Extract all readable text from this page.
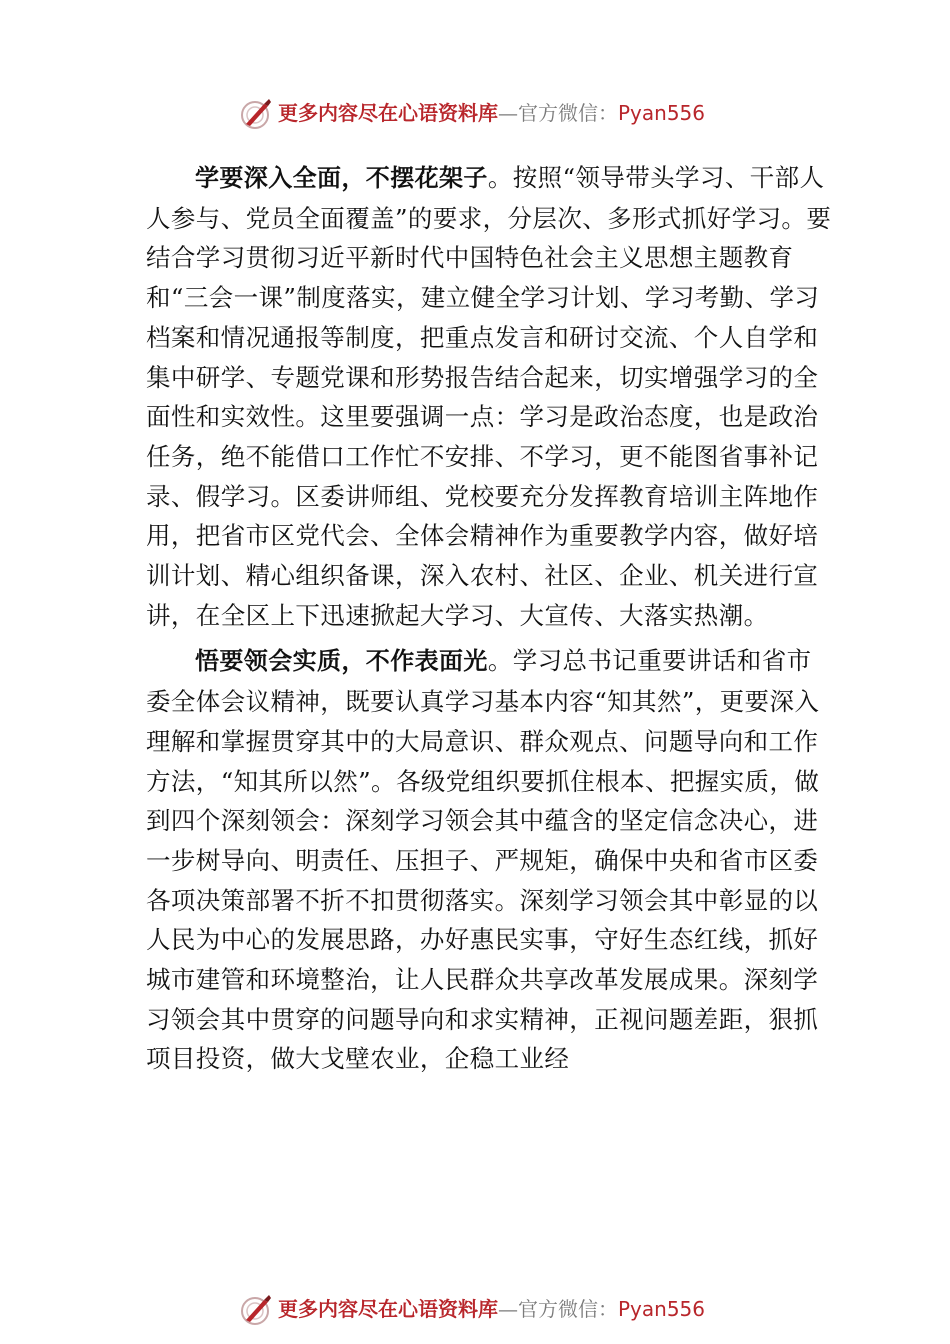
更多内容尽在心语资料库—官方微信：Pyan556

学要深入全面，不摆花架子。按照“领导带头学习、干部人人参与、党员全面覆盖”的要求，分层次、多形式抓好学习。要结合学习贯彻习近平新时代中国特色社会主义思想主题教育和“三会一课”制度落实，建立健全学习计划、学习考勤、学习档案和情况通报等制度，把重点发言和研讨交流、个人自学和集中研学、专题党课和形势报告结合起来，切实增强学习的全面性和实效性。这里要强调一点：学习是政治态度，也是政治任务，绝不能借口工作忙不安排、不学习，更不能图省事补记录、假学习。区委讲师组、党校要充分发挥教育培训主阵地作用，把省市区党代会、全体会精神作为重要教学内容，做好培训计划、精心组织备课，深入农村、社区、企业、机关进行宣讲，在全区上下迅速掀起大学习、大宣传、大落实热潮。

悟要领会实质，不作表面光。学习总书记重要讲话和省市委全体会议精神，既要认真学习基本内容“知其然”，更要深入理解和掌握贯穿其中的大局意识、群众观点、问题导向和工作方法，“知其所以然”。各级党组织要抓住根本、把握实质，做到四个深刻领会：深刻学习领会其中蕴含的坚定信念决心，进一步树导向、明责任、压担子、严规矩，确保中央和省市区委各项决策部署不折不扣贯彻落实。深刻学习领会其中彰显的以人民为中心的发展思路，办好惠民实事，守好生态红线，抓好城市建管和环境整治，让人民群众共享改革发展成果。深刻学习领会其中贯穿的问题导向和求实精神，正视问题差距，狠抓项目投资，做大戈壁农业，企稳工业经

更多内容尽在心语资料库—官方微信：Pyan556
